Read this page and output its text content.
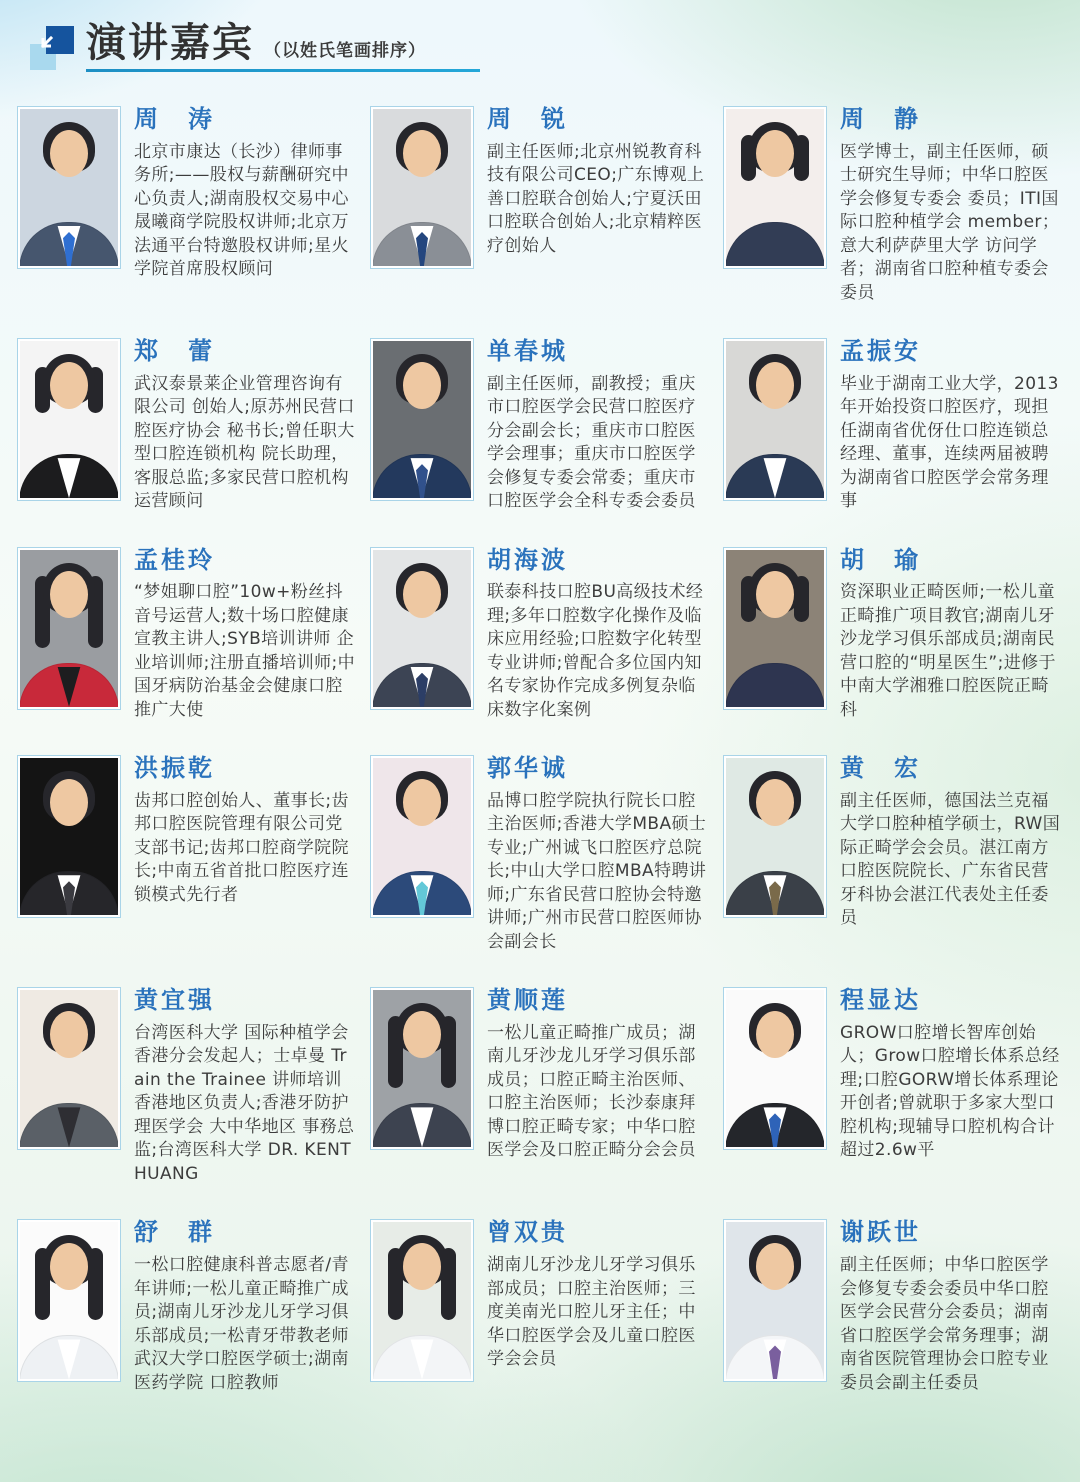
演讲嘉宾 （以姓氏笔画排序）
周　涛

北京市康达（长沙）律师事务所;——股权与薪酬研究中心负责人;湖南股权交易中心晟曦商学院股权讲师;北京万法通平台特邀股权讲师;星火学院首席股权顾问

周　锐

副主任医师;北京州锐教育科技有限公司CEO;广东博观上善口腔联合创始人;宁夏沃田口腔联合创始人;北京精粹医疗创始人

周　静

医学博士，副主任医师，硕士研究生导师；中华口腔医学会修复专委会 委员；ITI国际口腔种植学会 member；意大利萨萨里大学 访问学者；湖南省口腔种植专委会 委员

郑　蕾

武汉泰景莱企业管理咨询有限公司 创始人;原苏州民营口腔医疗协会 秘书长;曾任职大型口腔连锁机构 院长助理，客服总监;多家民营口腔机构运营顾问

单春城

副主任医师，副教授；重庆市口腔医学会民营口腔医疗分会副会长；重庆市口腔医学会理事；重庆市口腔医学会修复专委会常委；重庆市口腔医学会全科专委会委员

孟振安

毕业于湖南工业大学，2013年开始投资口腔医疗，现担任湖南省优伢仕口腔连锁总经理、董事，连续两届被聘为湖南省口腔医学会常务理事

孟桂玲

“梦姐聊口腔”10w+粉丝抖音号运营人;数十场口腔健康宣教主讲人;SYB培训讲师 企业培训师;注册直播培训师;中国牙病防治基金会健康口腔推广大使

胡海波

联泰科技口腔BU高级技术经理;多年口腔数字化操作及临床应用经验;口腔数字化转型专业讲师;曾配合多位国内知名专家协作完成多例复杂临床数字化案例

胡　瑜

资深职业正畸医师;一松儿童正畸推广项目教官;湖南儿牙沙龙学习俱乐部成员;湖南民营口腔的“明星医生”;进修于中南大学湘雅口腔医院正畸科

洪振乾

齿邦口腔创始人、董事长;齿邦口腔医院管理有限公司党支部书记;齿邦口腔商学院院长;中南五省首批口腔医疗连锁模式先行者

郭华诚

品博口腔学院执行院长口腔主治医师;香港大学MBA硕士专业;广州诚飞口腔医疗总院长;中山大学口腔MBA特聘讲师;广东省民营口腔协会特邀讲师;广州市民营口腔医师协会副会长

黄　宏

副主任医师，德国法兰克福大学口腔种植学硕士，RW国际正畸学会会员。湛江南方口腔医院院长、广东省民营牙科协会湛江代表处主任委员

黄宜强

台湾医科大学 国际种植学会香港分会发起人；士卓曼 Train the Trainee 讲师培训香港地区负责人;香港牙防护理医学会 大中华地区 事務总监;台湾医科大学 DR. KENT HUANG

黄顺莲

一松儿童正畸推广成员；湖南儿牙沙龙儿牙学习俱乐部成员；口腔正畸主治医师、口腔主治医师；长沙泰康拜博口腔正畸专家；中华口腔医学会及口腔正畸分会会员

程显达

GROW口腔增长智库创始人；Grow口腔增长体系总经理;口腔GORW增长体系理论开创者;曾就职于多家大型口腔机构;现辅导口腔机构合计超过2.6w平

舒　群

一松口腔健康科普志愿者/青年讲师;一松儿童正畸推广成员;湖南儿牙沙龙儿牙学习俱乐部成员;一松青牙带教老师 武汉大学口腔医学硕士;湖南医药学院 口腔教师

曾双贵

湖南儿牙沙龙儿牙学习俱乐部成员；口腔主治医师；三度美南光口腔儿牙主任；中华口腔医学会及儿童口腔医学会会员

谢跃世

副主任医师；中华口腔医学会修复专委会委员中华口腔医学会民营分会委员；湖南省口腔医学会常务理事；湖南省医院管理协会口腔专业委员会副主任委员
